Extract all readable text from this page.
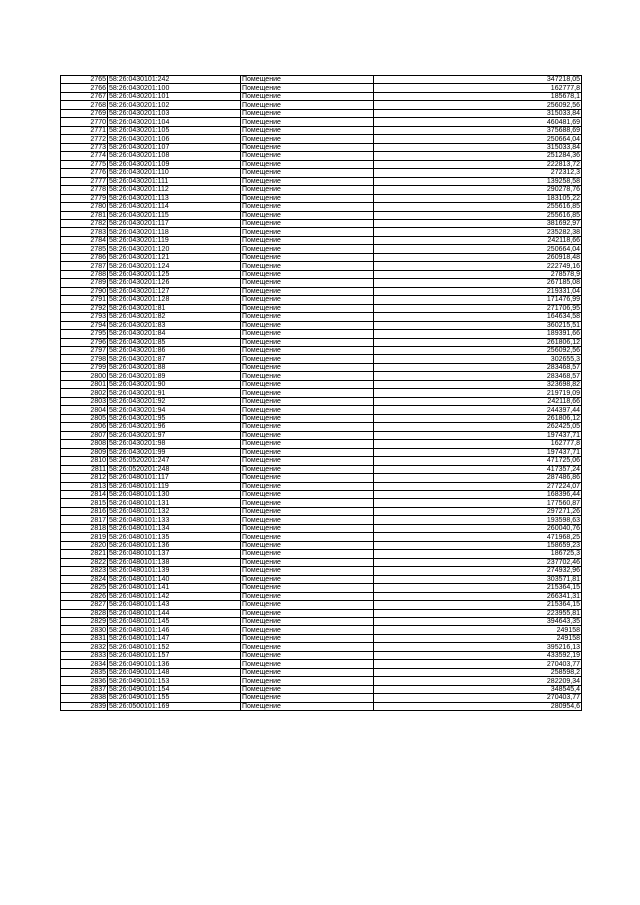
2765	58:26:0430101:242	Помещение	347218,05
2766	58:26:0430201:100	Помещение	162777,8
2767	58:26:0430201:101	Помещение	185678,1
2768	58:26:0430201:102	Помещение	256092,56
2769	58:26:0430201:103	Помещение	315033,84
2770	58:26:0430201:104	Помещение	460481,69
2771	58:26:0430201:105	Помещение	375688,69
2772	58:26:0430201:106	Помещение	250664,04
2773	58:26:0430201:107	Помещение	315033,84
2774	58:26:0430201:108	Помещение	251284,36
2775	58:26:0430201:109	Помещение	222813,72
2776	58:26:0430201:110	Помещение	272312,3
2777	58:26:0430201:111	Помещение	139258,58
2778	58:26:0430201:112	Помещение	290278,76
2779	58:26:0430201:113	Помещение	183105,22
2780	58:26:0430201:114	Помещение	255616,85
2781	58:26:0430201:115	Помещение	255616,85
2782	58:26:0430201:117	Помещение	381692,97
2783	58:26:0430201:118	Помещение	235282,38
2784	58:26:0430201:119	Помещение	242118,66
2785	58:26:0430201:120	Помещение	250664,04
2786	58:26:0430201:121	Помещение	260918,48
2787	58:26:0430201:124	Помещение	222749,16
2788	58:26:0430201:125	Помещение	278578,9
2789	58:26:0430201:126	Помещение	267185,08
2790	58:26:0430201:127	Помещение	219331,04
2791	58:26:0430201:128	Помещение	171476,99
2792	58:26:0430201:81	Помещение	271706,95
2793	58:26:0430201:82	Помещение	164634,58
2794	58:26:0430201:83	Помещение	360215,51
2795	58:26:0430201:84	Помещение	189391,66
2796	58:26:0430201:85	Помещение	261806,12
2797	58:26:0430201:86	Помещение	256092,56
2798	58:26:0430201:87	Помещение	302655,3
2799	58:26:0430201:88	Помещение	283468,57
2800	58:26:0430201:89	Помещение	283468,57
2801	58:26:0430201:90	Помещение	323698,82
2802	58:26:0430201:91	Помещение	219719,09
2803	58:26:0430201:92	Помещение	242118,66
2804	58:26:0430201:94	Помещение	244397,44
2805	58:26:0430201:95	Помещение	261806,12
2806	58:26:0430201:96	Помещение	262425,05
2807	58:26:0430201:97	Помещение	197437,71
2808	58:26:0430201:98	Помещение	162777,8
2809	58:26:0430201:99	Помещение	197437,71
2810	58:26:0520201:247	Помещение	471725,06
2811	58:26:0520201:248	Помещение	417357,24
2812	58:26:0480101:117	Помещение	287486,86
2813	58:26:0480101:119	Помещение	277224,07
2814	58:26:0480101:130	Помещение	168396,44
2815	58:26:0480101:131	Помещение	177560,87
2816	58:26:0480101:132	Помещение	297271,26
2817	58:26:0480101:133	Помещение	193598,63
2818	58:26:0480101:134	Помещение	260040,76
2819	58:26:0480101:135	Помещение	471968,25
2820	58:26:0480101:136	Помещение	158659,23
2821	58:26:0480101:137	Помещение	186725,3
2822	58:26:0480101:138	Помещение	237702,46
2823	58:26:0480101:139	Помещение	274932,96
2824	58:26:0480101:140	Помещение	303571,81
2825	58:26:0480101:141	Помещение	215364,15
2826	58:26:0480101:142	Помещение	266341,31
2827	58:26:0480101:143	Помещение	215364,15
2828	58:26:0480101:144	Помещение	223955,81
2829	58:26:0480101:145	Помещение	394643,35
2830	58:26:0480101:146	Помещение	249158
2831	58:26:0480101:147	Помещение	249158
2832	58:26:0480101:152	Помещение	395216,13
2833	58:26:0480101:157	Помещение	433592,19
2834	58:26:0490101:136	Помещение	270403,77
2835	58:26:0490101:148	Помещение	258598,2
2836	58:26:0490101:153	Помещение	282209,34
2837	58:26:0490101:154	Помещение	348545,4
2838	58:26:0490101:155	Помещение	270403,77
2839	58:26:0500101:169	Помещение	280954,6
